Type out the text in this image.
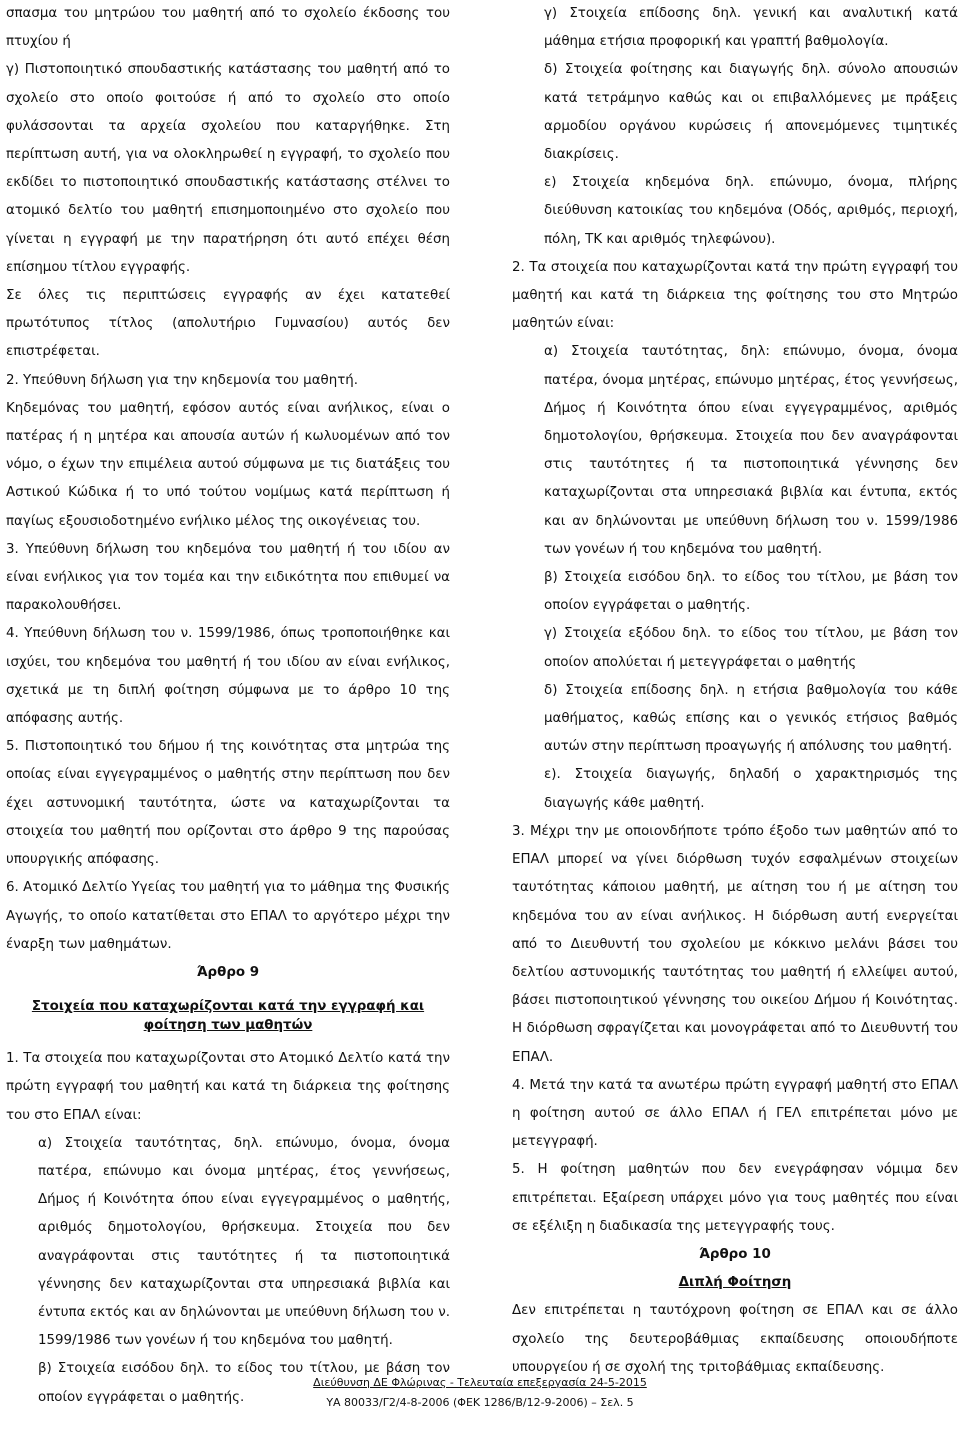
σπασμα του μητρώου του μαθητή από το σχολείο έκδοσης του πτυχίου ή

γ) Πιστοποιητικό σπουδαστικής κατάστασης του μαθητή από το σχολείο στο οποίο φοιτούσε ή από το σχολείο στο οποίο φυλάσσονται τα αρχεία σχολείου που καταργήθηκε. Στη περίπτωση αυτή, για να ολοκληρωθεί η εγγραφή, το σχολείο που εκδίδει το πιστοποιητικό σπουδαστικής κατάστασης στέλνει το ατομικό δελτίο του μαθητή επισημοποιημένο στο σχολείο που γίνεται η εγγραφή με την παρατήρηση ότι αυτό επέχει θέση επίσημου τίτλου εγγραφής.

Σε όλες τις περιπτώσεις εγγραφής αν έχει κατατεθεί πρωτότυπος τίτλος (απολυτήριο Γυμνασίου) αυτός δεν επιστρέφεται.

2. Υπεύθυνη δήλωση για την κηδεμονία του μαθητή.

Κηδεμόνας του μαθητή, εφόσον αυτός είναι ανήλικος, είναι ο πατέρας ή η μητέρα και απουσία αυτών ή κωλυομένων από τον νόμο, ο έχων την επιμέλεια αυτού σύμφωνα με τις διατάξεις του Αστικού Κώδικα ή το υπό τούτου νομίμως κατά περίπτωση ή παγίως εξουσιοδοτημένο ενήλικο μέλος της οικογένειας του.

3. Υπεύθυνη δήλωση του κηδεμόνα του μαθητή ή του ιδίου αν είναι ενήλικος για τον τομέα και την ειδικότητα που επιθυμεί να παρακολουθήσει.

4. Υπεύθυνη δήλωση του ν. 1599/1986, όπως τροποποιήθηκε και ισχύει, του κηδεμόνα του μαθητή ή του ιδίου αν είναι ενήλικος, σχετικά με τη διπλή φοίτηση σύμφωνα με το άρθρο 10 της απόφασης αυτής.

5. Πιστοποιητικό του δήμου ή της κοινότητας στα μητρώα της οποίας είναι εγγεγραμμένος ο μαθητής στην περίπτωση που δεν έχει αστυνομική ταυτότητα, ώστε να καταχωρίζονται τα στοιχεία του μαθητή που ορίζονται στο άρθρο 9 της παρούσας υπουργικής απόφασης.

6. Ατομικό Δελτίο Υγείας του μαθητή για το μάθημα της Φυσικής Αγωγής, το οποίο κατατίθεται στο ΕΠΑΛ το αργότερο μέχρι την έναρξη των μαθημάτων.

Άρθρο 9

Στοιχεία που καταχωρίζονται κατά την εγγραφή και φοίτηση των μαθητών

1. Τα στοιχεία που καταχωρίζονται στο Ατομικό Δελτίο κατά την πρώτη εγγραφή του μαθητή και κατά τη διάρκεια της φοίτησης του στο ΕΠΑΛ είναι:

α) Στοιχεία ταυτότητας, δηλ. επώνυμο, όνομα, όνομα πατέρα, επώνυμο και όνομα μητέρας, έτος γεννήσεως, Δήμος ή Κοινότητα όπου είναι εγγεγραμμένος ο μαθητής, αριθμός δημοτολογίου, θρήσκευμα. Στοιχεία που δεν αναγράφονται στις ταυτότητες ή τα πιστοποιητικά γέννησης δεν καταχωρίζονται στα υπηρεσιακά βιβλία και έντυπα εκτός και αν δηλώνονται με υπεύθυνη δήλωση του ν. 1599/1986 των γονέων ή του κηδεμόνα του μαθητή.

β) Στοιχεία εισόδου δηλ. το είδος του τίτλου, με βάση τον οποίον εγγράφεται ο μαθητής.

γ) Στοιχεία επίδοσης δηλ. γενική και αναλυτική κατά μάθημα ετήσια προφορική και γραπτή βαθμολογία.

δ) Στοιχεία φοίτησης και διαγωγής δηλ. σύνολο απουσιών κατά τετράμηνο καθώς και οι επιβαλλόμενες με πράξεις αρμοδίου οργάνου κυρώσεις ή απονεμόμενες τιμητικές διακρίσεις.

ε) Στοιχεία κηδεμόνα δηλ. επώνυμο, όνομα, πλήρης διεύθυνση κατοικίας του κηδεμόνα (Οδός, αριθμός, περιοχή, πόλη, ΤΚ και αριθμός τηλεφώνου).

2. Τα στοιχεία που καταχωρίζονται κατά την πρώτη εγγραφή του μαθητή και κατά τη διάρκεια της φοίτησης του στο Μητρώο μαθητών είναι:

α) Στοιχεία ταυτότητας, δηλ: επώνυμο, όνομα, όνομα πατέρα, όνομα μητέρας, επώνυμο μητέρας, έτος γεννήσεως, Δήμος ή Κοινότητα όπου είναι εγγεγραμμένος, αριθμός δημοτολογίου, θρήσκευμα. Στοιχεία που δεν αναγράφονται στις ταυτότητες ή τα πιστοποιητικά γέννησης δεν καταχωρίζονται στα υπηρεσιακά βιβλία και έντυπα, εκτός και αν δηλώνονται με υπεύθυνη δήλωση του ν. 1599/1986 των γονέων ή του κηδεμόνα του μαθητή.

β) Στοιχεία εισόδου δηλ. το είδος του τίτλου, με βάση τον οποίον εγγράφεται ο μαθητής.

γ) Στοιχεία εξόδου δηλ. το είδος του τίτλου, με βάση τον οποίον απολύεται ή μετεγγράφεται ο μαθητής

δ) Στοιχεία επίδοσης δηλ. η ετήσια βαθμολογία του κάθε μαθήματος, καθώς επίσης και ο γενικός ετήσιος βαθμός αυτών στην περίπτωση προαγωγής ή απόλυσης του μαθητή.

ε). Στοιχεία διαγωγής, δηλαδή ο χαρακτηρισμός της διαγωγής κάθε μαθητή.

3. Μέχρι την με οποιονδήποτε τρόπο έξοδο των μαθητών από το ΕΠΑΛ μπορεί να γίνει διόρθωση τυχόν εσφαλμένων στοιχείων ταυτότητας κάποιου μαθητή, με αίτηση του ή με αίτηση του κηδεμόνα του αν είναι ανήλικος. Η διόρθωση αυτή ενεργείται από το Διευθυντή του σχολείου με κόκκινο μελάνι βάσει του δελτίου αστυνομικής ταυτότητας του μαθητή ή ελλείψει αυτού, βάσει πιστοποιητικού γέννησης του οικείου Δήμου ή Κοινότητας. Η διόρθωση σφραγίζεται και μονογράφεται από το Διευθυντή του ΕΠΑΛ.

4. Μετά την κατά τα ανωτέρω πρώτη εγγραφή μαθητή στο ΕΠΑΛ η φοίτηση αυτού σε άλλο ΕΠΑΛ ή ΓΕΛ επιτρέπεται μόνο με μετεγγραφή.

5. Η φοίτηση μαθητών που δεν ενεγράφησαν νόμιμα δεν επιτρέπεται. Εξαίρεση υπάρχει μόνο για τους μαθητές που είναι σε εξέλιξη η διαδικασία της μετεγγραφής τους.

Άρθρο 10

Διπλή Φοίτηση

Δεν επιτρέπεται η ταυτόχρονη φοίτηση σε ΕΠΑΛ και σε άλλο σχολείο της δευτεροβάθμιας εκπαίδευσης οποιουδήποτε υπουργείου ή σε σχολή της τριτοβάθμιας εκπαίδευσης.

Διεύθυνση ΔΕ Φλώρινας - Τελευταία επεξεργασία 24-5-2015
ΥΑ 80033/Γ2/4-8-2006 (ΦΕΚ 1286/Β/12-9-2006) – Σελ. 5
